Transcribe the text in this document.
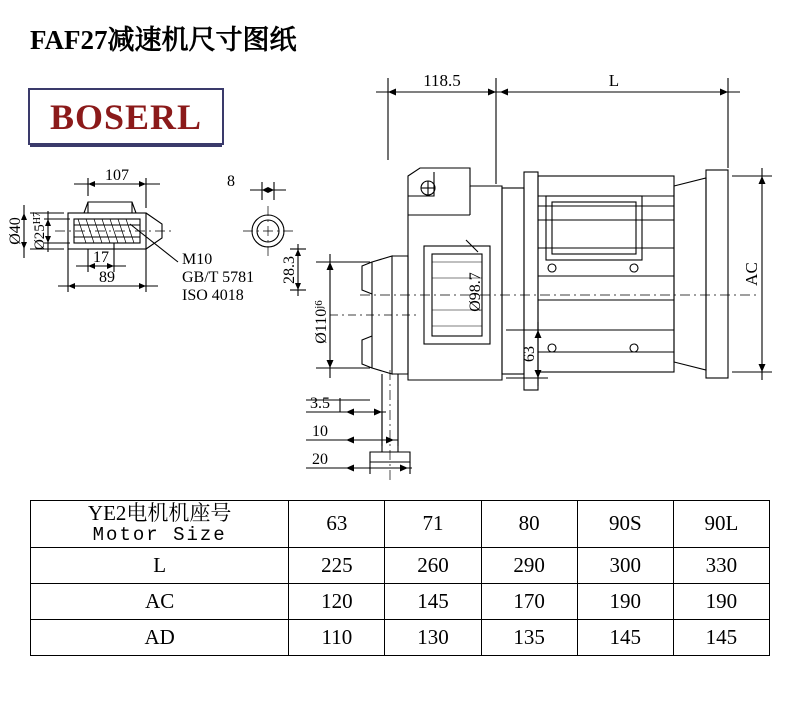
FAF27减速机尺寸图纸
BOSERL
107
17
89
Ø40 $Ø25^{H7}$
8
28.3
M10
GB/T 5781
ISO 4018
118.5	L
AC
Ø98.7
$Ø110^{j6}$
63
3.5
10
20
YE2电机机座号
Motor Size	63	71	80	90S	90L
L	225	260	290	300	330
AC	120	145	170	190	190
AD	110	130	135	145	145
